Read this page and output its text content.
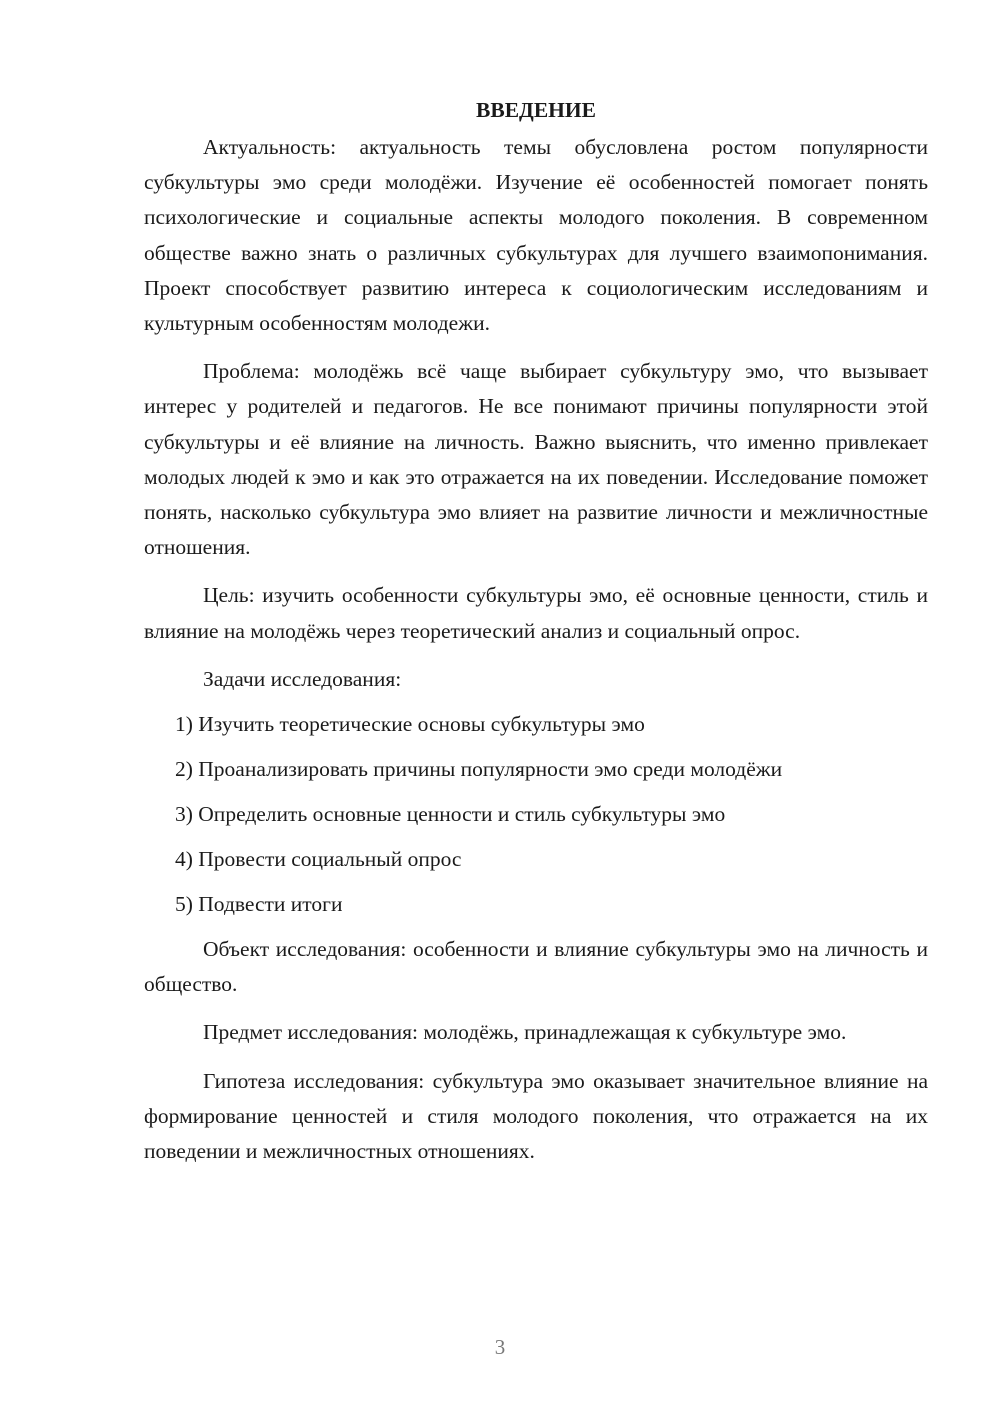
ВВЕДЕНИЕ

Актуальность: актуальность темы обусловлена ростом популярности субкультуры эмо среди молодёжи. Изучение её особенностей помогает понять психологические и социальные аспекты молодого поколения. В современном обществе важно знать о различных субкультурах для лучшего взаимопонимания. Проект способствует развитию интереса к социологическим исследованиям и культурным особенностям молодежи.

Проблема: молодёжь всё чаще выбирает субкультуру эмо, что вызывает интерес у родителей и педагогов. Не все понимают причины популярности этой субкультуры и её влияние на личность. Важно выяснить, что именно привлекает молодых людей к эмо и как это отражается на их поведении. Исследование поможет понять, насколько субкультура эмо влияет на развитие личности и межличностные отношения.

Цель: изучить особенности субкультуры эмо, её основные ценности, стиль и влияние на молодёжь через теоретический анализ и социальный опрос.

Задачи исследования:

1) Изучить теоретические основы субкультуры эмо
2) Проанализировать причины популярности эмо среди молодёжи
3) Определить основные ценности и стиль субкультуры эмо
4) Провести социальный опрос
5) Подвести итоги

Объект исследования: особенности и влияние субкультуры эмо на личность и общество.

Предмет исследования: молодёжь, принадлежащая к субкультуре эмо.

Гипотеза исследования: субкультура эмо оказывает значительное влияние на формирование ценностей и стиля молодого поколения, что отражается на их поведении и межличностных отношениях.

3
